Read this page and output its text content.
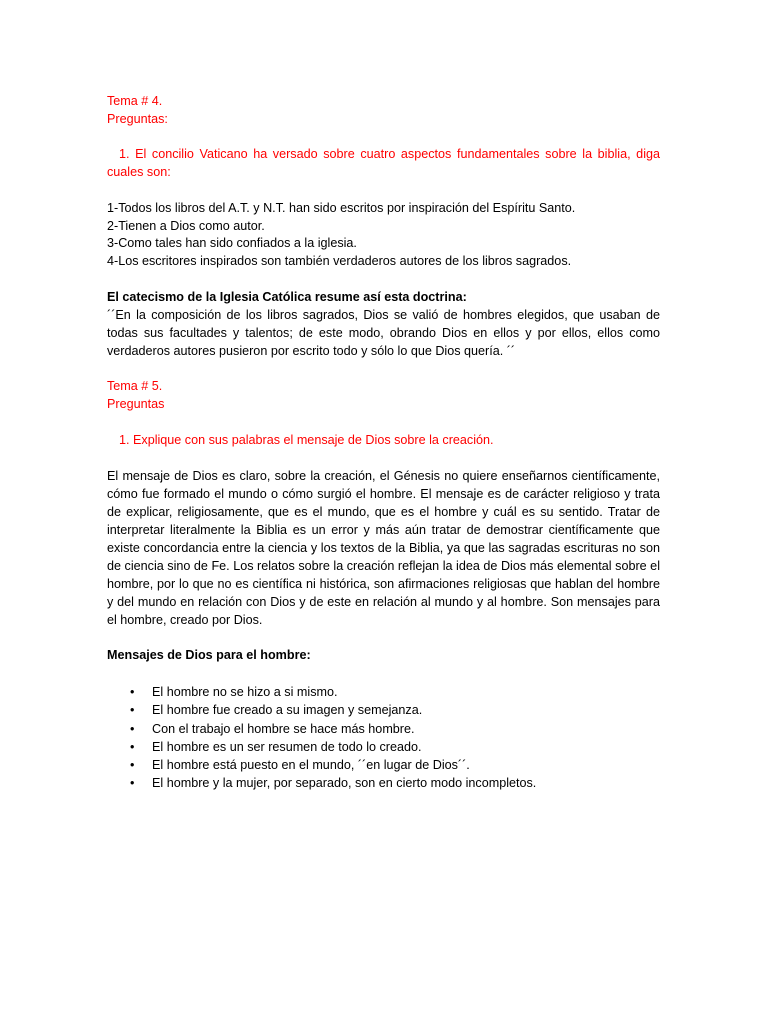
Tema # 4.

Preguntas:

1. El concilio Vaticano ha versado sobre cuatro aspectos fundamentales sobre la biblia, diga cuales son:

1-Todos los libros del A.T. y N.T. han sido escritos por inspiración del Espíritu Santo.

2-Tienen a Dios como autor.

3-Como tales han sido confiados a la iglesia.

4-Los escritores inspirados son también verdaderos autores de los libros sagrados.

El catecismo de la Iglesia Católica resume así esta doctrina:

´´En la composición de los libros sagrados, Dios se valió de hombres elegidos, que usaban de todas sus facultades y talentos; de este modo, obrando Dios en ellos y por ellos, ellos como verdaderos autores pusieron por escrito todo y sólo lo que Dios quería. ´´

Tema # 5.

Preguntas

1. Explique con sus palabras el mensaje de Dios sobre la creación.

El mensaje de Dios es claro, sobre la creación, el Génesis no quiere enseñarnos científicamente, cómo fue formado el mundo o cómo surgió el hombre. El mensaje es de carácter religioso y trata de explicar, religiosamente, que es el mundo, que es el hombre y cuál es su sentido. Tratar de interpretar literalmente la Biblia es un error y más aún tratar de demostrar científicamente que existe concordancia entre la ciencia y los textos de la Biblia, ya que las sagradas escrituras no son de ciencia sino de Fe. Los relatos sobre la creación reflejan la idea de Dios más elemental sobre el hombre, por lo que no es científica ni histórica, son afirmaciones religiosas que hablan del hombre y del mundo en relación con Dios y de este en relación al mundo y al hombre. Son mensajes para el hombre, creado por Dios.

Mensajes de Dios para el hombre:

• El hombre no se hizo a si mismo.
• El hombre fue creado a su imagen y semejanza.
• Con el trabajo el hombre se hace más hombre.
• El hombre es un ser resumen de todo lo creado.
• El hombre está puesto en el mundo, ´´en lugar de Dios´´.
• El hombre y la mujer, por separado, son en cierto modo incompletos.
